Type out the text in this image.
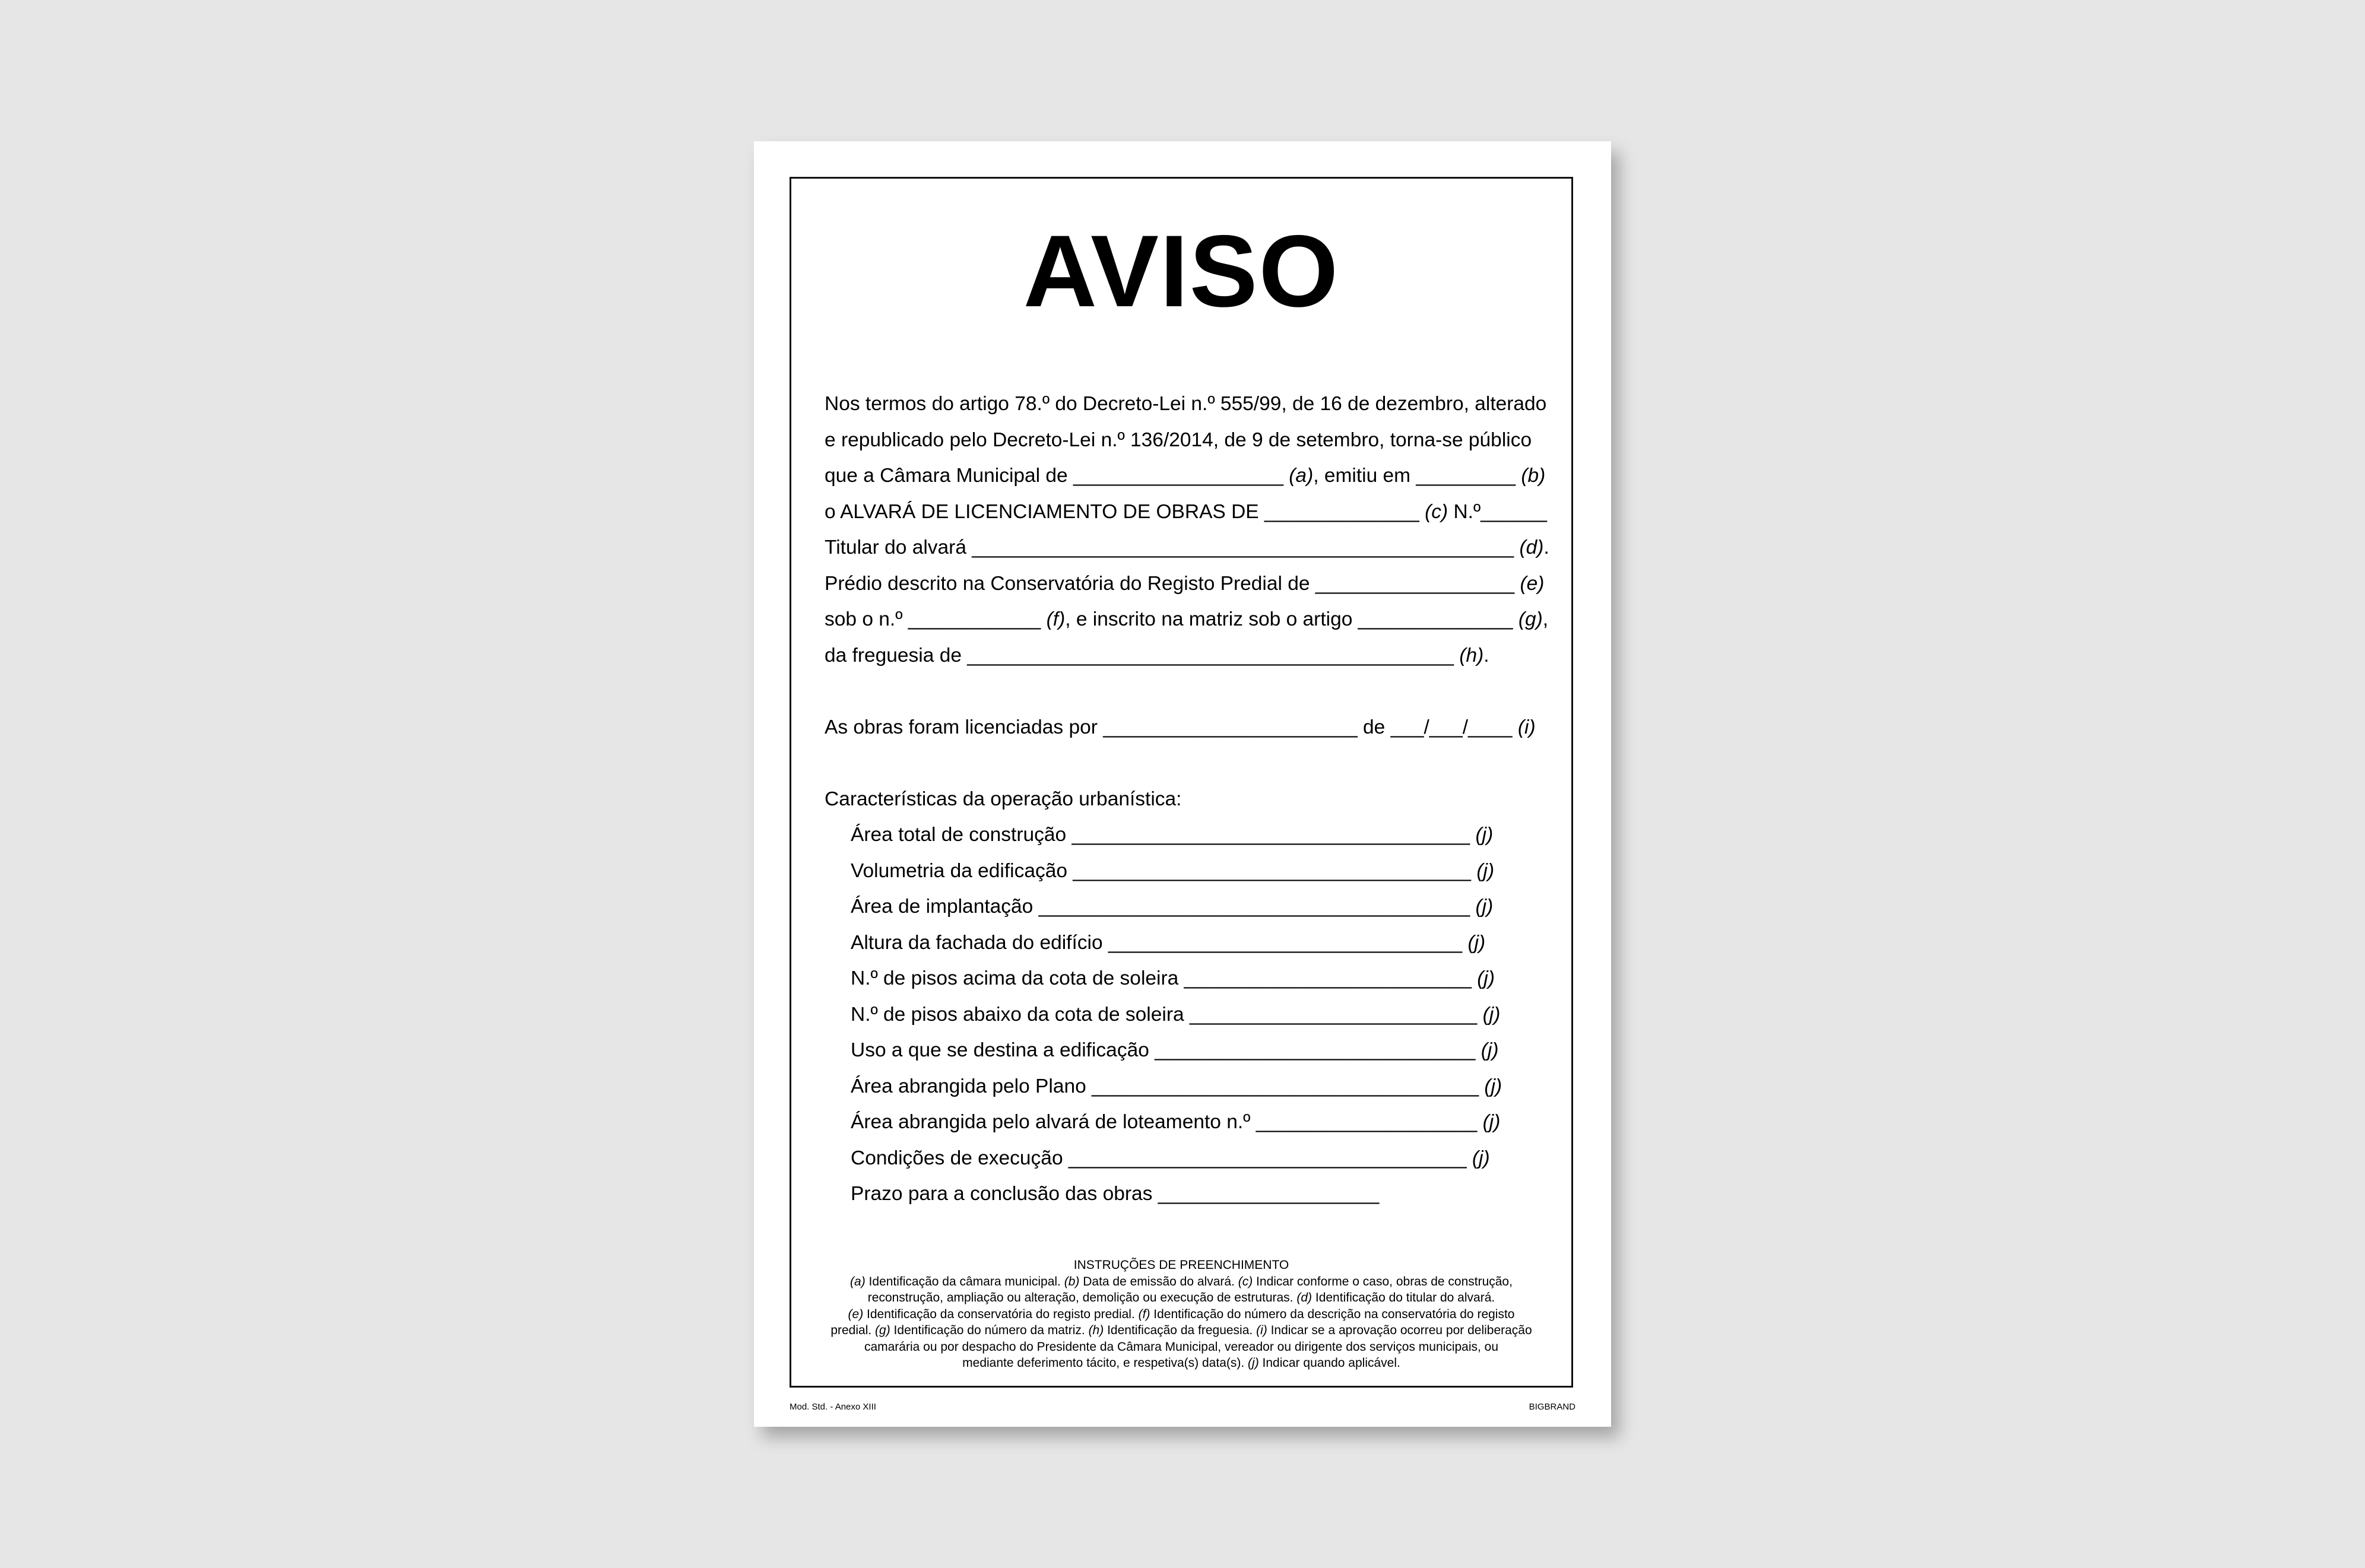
AVISO
Nos termos do artigo 78.º do Decreto-Lei n.º 555/99, de 16 de dezembro, alterado
e republicado pelo Decreto-Lei n.º 136/2014, de 9 de setembro, torna-se público
que a Câmara Municipal de ___________________ (a), emitiu em _________ (b)
o ALVARÁ DE LICENCIAMENTO DE OBRAS DE ______________ (c) N.º______
Titular do alvará _________________________________________________ (d).
Prédio descrito na Conservatória do Registo Predial de __________________ (e)
sob o n.º ____________ (f), e inscrito na matriz sob o artigo ______________ (g),
da freguesia de ____________________________________________ (h).
As obras foram licenciadas por _______________________ de ___/___/____ (i)
Características da operação urbanística:
Área total de construção ____________________________________ (j)
Volumetria da edificação ____________________________________ (j)
Área de implantação _______________________________________ (j)
Altura da fachada do edifício ________________________________ (j)
N.º de pisos acima da cota de soleira __________________________ (j)
N.º de pisos abaixo da cota de soleira __________________________ (j)
Uso a que se destina a edificação _____________________________ (j)
Área abrangida pelo Plano ___________________________________ (j)
Área abrangida pelo alvará de loteamento n.º ____________________ (j)
Condições de execução ____________________________________ (j)
Prazo para a conclusão das obras ____________________
INSTRUÇÕES DE PREENCHIMENTO
(a) Identificação da câmara municipal. (b) Data de emissão do alvará. (c) Indicar conforme o caso, obras de construção,
reconstrução, ampliação ou alteração, demolição ou execução de estruturas. (d) Identificação do titular do alvará.
(e) Identificação da conservatória do registo predial. (f) Identificação do número da descrição na conservatória do registo
predial. (g) Identificação do número da matriz. (h) Identificação da freguesia. (i) Indicar se a aprovação ocorreu por deliberação
camarária ou por despacho do Presidente da Câmara Municipal, vereador ou dirigente dos serviços municipais, ou
mediante deferimento tácito, e respetiva(s) data(s). (j) Indicar quando aplicável.
Mod. Std. - Anexo XIII	BIGBRAND
